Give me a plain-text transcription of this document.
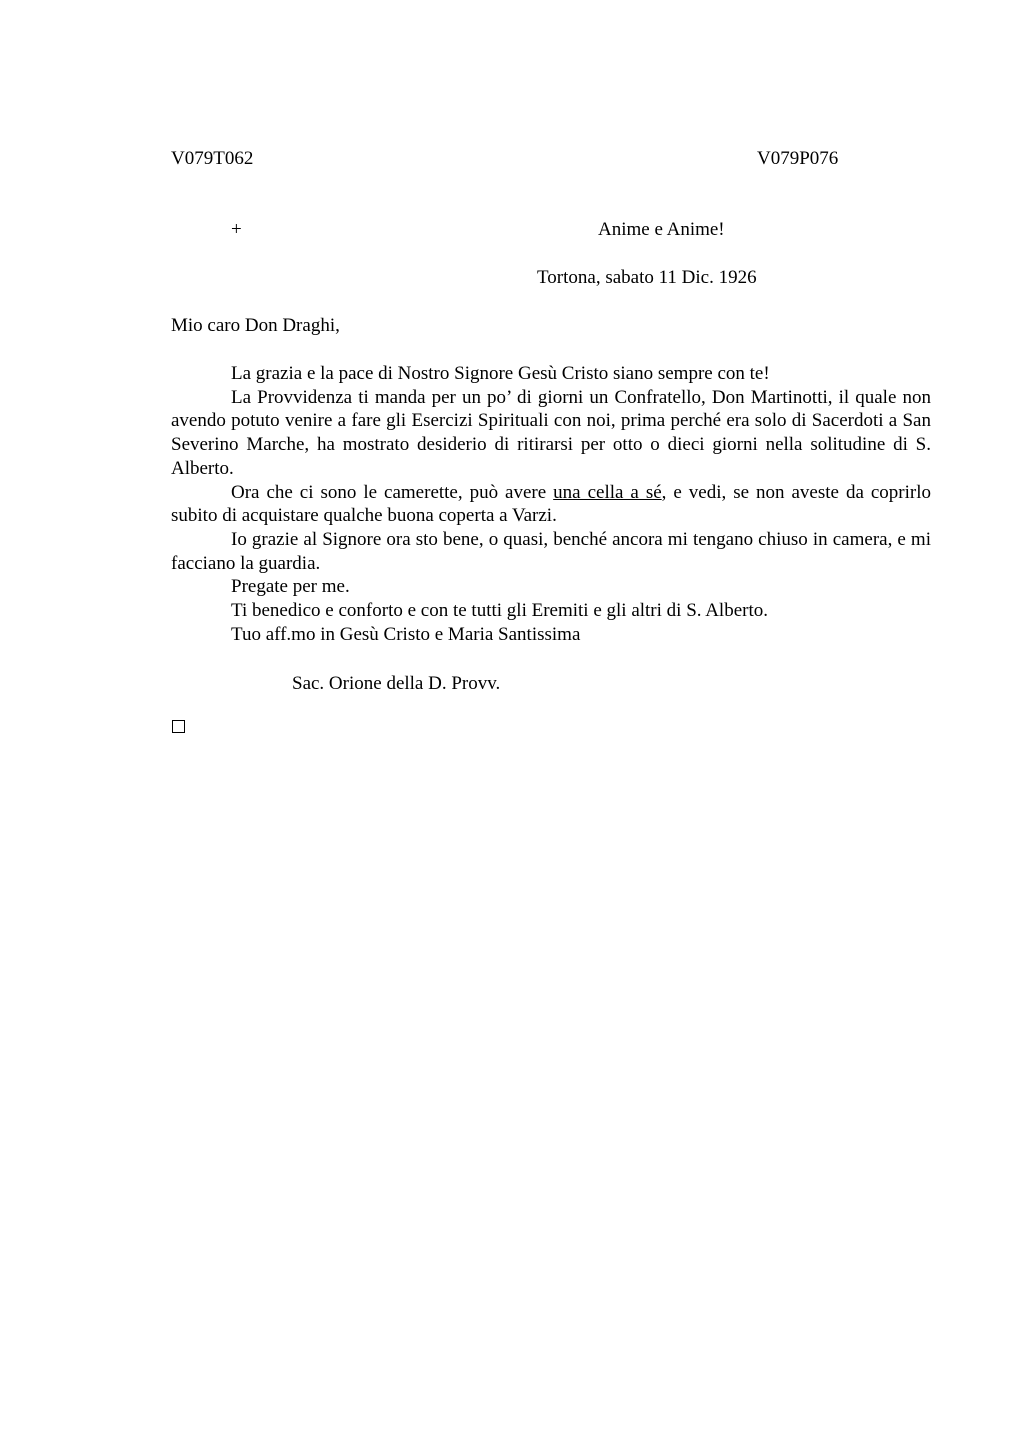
V079T062	V079P076
+	Anime e Anime!
Tortona, sabato 11 Dic. 1926
Mio caro Don Draghi,

La grazia e la pace di Nostro Signore Gesù Cristo siano sempre con te!

La Provvidenza ti manda per un po’ di giorni un Confratello, Don Martinotti, il quale non avendo potuto venire a fare gli Esercizi Spirituali con noi, prima perché era solo di Sacerdoti a San Severino Marche, ha mostrato desiderio di ritirarsi per otto o dieci giorni nella solitudine di S. Alberto.

Ora che ci sono le camerette, può avere una cella a sé, e vedi, se non aveste da coprirlo subito di acquistare qualche buona coperta a Varzi.

Io grazie al Signore ora sto bene, o quasi, benché ancora mi tengano chiuso in camera, e mi facciano la guardia.

Pregate per me.

Ti benedico e conforto e con te tutti gli Eremiti e gli altri di S. Alberto.

Tuo aff.mo in Gesù Cristo e Maria Santissima

Sac. Orione della D. Provv.
